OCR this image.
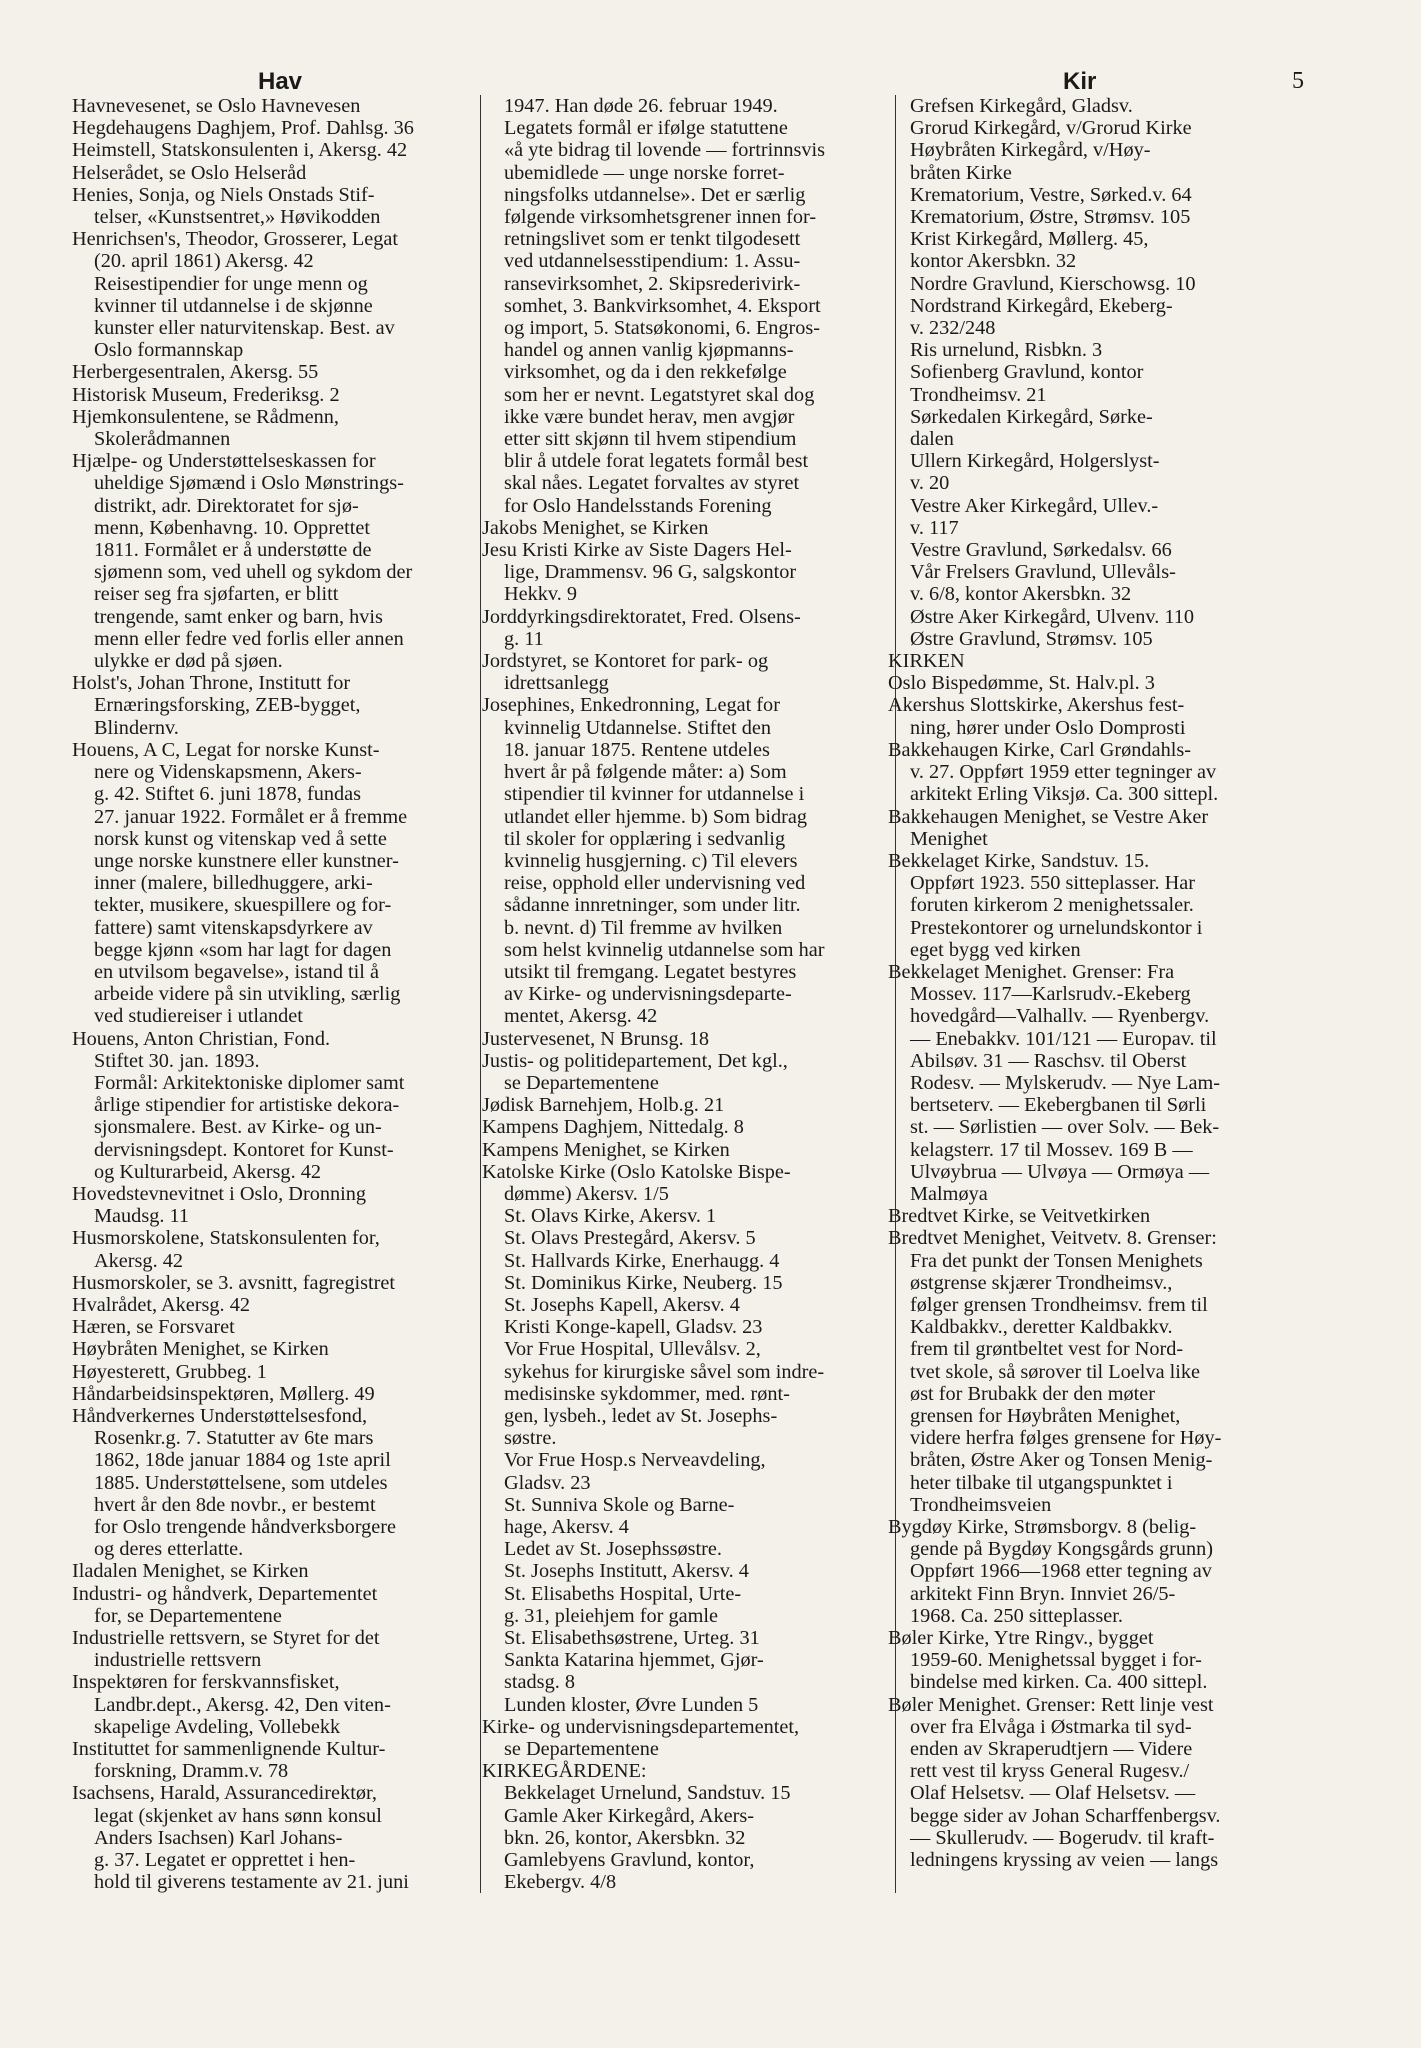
Hav	Kir	5
Havnevesenet, se Oslo Havnevesen
Hegdehaugens Daghjem, Prof. Dahlsg. 36
Heimstell, Statskonsulenten i, Akersg. 42
Helserådet, se Oslo Helseråd
Henies, Sonja, og Niels Onstads Stif-
telser, «Kunstsentret,» Høvikodden
Henrichsen's, Theodor, Grosserer, Legat
(20. april 1861) Akersg. 42
Reisestipendier for unge menn og
kvinner til utdannelse i de skjønne
kunster eller naturvitenskap. Best. av
Oslo formannskap
Herbergesentralen, Akersg. 55
Historisk Museum, Frederiksg. 2
Hjemkonsulentene, se Rådmenn,
Skolerådmannen
Hjælpe- og Understøttelseskassen for
uheldige Sjømænd i Oslo Mønstrings-
distrikt, adr. Direktoratet for sjø-
menn, Københavng. 10. Opprettet
1811. Formålet er å understøtte de
sjømenn som, ved uhell og sykdom der
reiser seg fra sjøfarten, er blitt
trengende, samt enker og barn, hvis
menn eller fedre ved forlis eller annen
ulykke er død på sjøen.
Holst's, Johan Throne, Institutt for
Ernæringsforsking, ZEB-bygget,
Blindernv.
Houens, A C, Legat for norske Kunst-
nere og Videnskapsmenn, Akers-
g. 42. Stiftet 6. juni 1878, fundas
27. januar 1922. Formålet er å fremme
norsk kunst og vitenskap ved å sette
unge norske kunstnere eller kunstner-
inner (malere, billedhuggere, arki-
tekter, musikere, skuespillere og for-
fattere) samt vitenskapsdyrkere av
begge kjønn «som har lagt for dagen
en utvilsom begavelse», istand til å
arbeide videre på sin utvikling, særlig
ved studiereiser i utlandet
Houens, Anton Christian, Fond.
Stiftet 30. jan. 1893.
Formål: Arkitektoniske diplomer samt
årlige stipendier for artistiske dekora-
sjonsmalere. Best. av Kirke- og un-
dervisningsdept. Kontoret for Kunst-
og Kulturarbeid, Akersg. 42
Hovedstevnevitnet i Oslo, Dronning
Maudsg. 11
Husmorskolene, Statskonsulenten for,
Akersg. 42
Husmorskoler, se 3. avsnitt, fagregistret
Hvalrådet, Akersg. 42
Hæren, se Forsvaret
Høybråten Menighet, se Kirken
Høyesterett, Grubbeg. 1
Håndarbeidsinspektøren, Møllerg. 49
Håndverkernes Understøttelsesfond,
Rosenkr.g. 7. Statutter av 6te mars
1862, 18de januar 1884 og 1ste april
1885. Understøttelsene, som utdeles
hvert år den 8de novbr., er bestemt
for Oslo trengende håndverksborgere
og deres etterlatte.
Iladalen Menighet, se Kirken
Industri- og håndverk, Departementet
for, se Departementene
Industrielle rettsvern, se Styret for det
industrielle rettsvern
Inspektøren for ferskvannsfisket,
Landbr.dept., Akersg. 42, Den viten-
skapelige Avdeling, Vollebekk
Instituttet for sammenlignende Kultur-
forskning, Dramm.v. 78
Isachsens, Harald, Assurancedirektør,
legat (skjenket av hans sønn konsul
Anders Isachsen) Karl Johans-
g. 37. Legatet er opprettet i hen-
hold til giverens testamente av 21. juni
1947. Han døde 26. februar 1949.
Legatets formål er ifølge statuttene
«å yte bidrag til lovende — fortrinnsvis
ubemidlede — unge norske forret-
ningsfolks utdannelse». Det er særlig
følgende virksomhetsgrener innen for-
retningslivet som er tenkt tilgodesett
ved utdannelsesstipendium: 1. Assu-
ransevirksomhet, 2. Skipsrederivirk-
somhet, 3. Bankvirksomhet, 4. Eksport
og import, 5. Statsøkonomi, 6. Engros-
handel og annen vanlig kjøpmanns-
virksomhet, og da i den rekkefølge
som her er nevnt. Legatstyret skal dog
ikke være bundet herav, men avgjør
etter sitt skjønn til hvem stipendium
blir å utdele forat legatets formål best
skal nåes. Legatet forvaltes av styret
for Oslo Handelsstands Forening
Jakobs Menighet, se Kirken
Jesu Kristi Kirke av Siste Dagers Hel-
lige, Drammensv. 96 G, salgskontor
Hekkv. 9
Jorddyrkingsdirektoratet, Fred. Olsens-
g. 11
Jordstyret, se Kontoret for park- og
idrettsanlegg
Josephines, Enkedronning, Legat for
kvinnelig Utdannelse. Stiftet den
18. januar 1875. Rentene utdeles
hvert år på følgende måter: a) Som
stipendier til kvinner for utdannelse i
utlandet eller hjemme. b) Som bidrag
til skoler for opplæring i sedvanlig
kvinnelig husgjerning. c) Til elevers
reise, opphold eller undervisning ved
sådanne innretninger, som under litr.
b. nevnt. d) Til fremme av hvilken
som helst kvinnelig utdannelse som har
utsikt til fremgang. Legatet bestyres
av Kirke- og undervisningsdeparte-
mentet, Akersg. 42
Justervesenet, N Brunsg. 18
Justis- og politidepartement, Det kgl.,
se Departementene
Jødisk Barnehjem, Holb.g. 21
Kampens Daghjem, Nittedalg. 8
Kampens Menighet, se Kirken
Katolske Kirke (Oslo Katolske Bispe-
dømme) Akersv. 1/5
St. Olavs Kirke, Akersv. 1
St. Olavs Prestegård, Akersv. 5
St. Hallvards Kirke, Enerhaugg. 4
St. Dominikus Kirke, Neuberg. 15
St. Josephs Kapell, Akersv. 4
Kristi Konge-kapell, Gladsv. 23
Vor Frue Hospital, Ullevålsv. 2,
sykehus for kirurgiske såvel som indre-
medisinske sykdommer, med. rønt-
gen, lysbeh., ledet av St. Josephs-
søstre.
Vor Frue Hosp.s Nerveavdeling,
Gladsv. 23
St. Sunniva Skole og Barne-
hage, Akersv. 4
Ledet av St. Josephssøstre.
St. Josephs Institutt, Akersv. 4
St. Elisabeths Hospital, Urte-
g. 31, pleiehjem for gamle
St. Elisabethsøstrene, Urteg. 31
Sankta Katarina hjemmet, Gjør-
stadsg. 8
Lunden kloster, Øvre Lunden 5
Kirke- og undervisningsdepartementet,
se Departementene
KIRKEGÅRDENE:
Bekkelaget Urnelund, Sandstuv. 15
Gamle Aker Kirkegård, Akers-
bkn. 26, kontor, Akersbkn. 32
Gamlebyens Gravlund, kontor,
Ekebergv. 4/8
Grefsen Kirkegård, Gladsv.
Grorud Kirkegård, v/Grorud Kirke
Høybråten Kirkegård, v/Høy-
bråten Kirke
Krematorium, Vestre, Sørked.v. 64
Krematorium, Østre, Strømsv. 105
Krist Kirkegård, Møllerg. 45,
kontor Akersbkn. 32
Nordre Gravlund, Kierschowsg. 10
Nordstrand Kirkegård, Ekeberg-
v. 232/248
Ris urnelund, Risbkn. 3
Sofienberg Gravlund, kontor
Trondheimsv. 21
Sørkedalen Kirkegård, Sørke-
dalen
Ullern Kirkegård, Holgerslyst-
v. 20
Vestre Aker Kirkegård, Ullev.-
v. 117
Vestre Gravlund, Sørkedalsv. 66
Vår Frelsers Gravlund, Ullevåls-
v. 6/8, kontor Akersbkn. 32
Østre Aker Kirkegård, Ulvenv. 110
Østre Gravlund, Strømsv. 105
KIRKEN
Oslo Bispedømme, St. Halv.pl. 3
Akershus Slottskirke, Akershus fest-
ning, hører under Oslo Domprosti
Bakkehaugen Kirke, Carl Grøndahls-
v. 27. Oppført 1959 etter tegninger av
arkitekt Erling Viksjø. Ca. 300 sittepl.
Bakkehaugen Menighet, se Vestre Aker
Menighet
Bekkelaget Kirke, Sandstuv. 15.
Oppført 1923. 550 sitteplasser. Har
foruten kirkerom 2 menighetssaler.
Prestekontorer og urnelundskontor i
eget bygg ved kirken
Bekkelaget Menighet. Grenser: Fra
Mossev. 117—Karlsrudv.-Ekeberg
hovedgård—Valhallv. — Ryenbergv.
— Enebakkv. 101/121 — Europav. til
Abilsøv. 31 — Raschsv. til Oberst
Rodesv. — Mylskerudv. — Nye Lam-
bertseterv. — Ekebergbanen til Sørli
st. — Sørlistien — over Solv. — Bek-
kelagsterr. 17 til Mossev. 169 B —
Ulvøybrua — Ulvøya — Ormøya —
Malmøya
Bredtvet Kirke, se Veitvetkirken
Bredtvet Menighet, Veitvetv. 8. Grenser:
Fra det punkt der Tonsen Menighets
østgrense skjærer Trondheimsv.,
følger grensen Trondheimsv. frem til
Kaldbakkv., deretter Kaldbakkv.
frem til grøntbeltet vest for Nord-
tvet skole, så sørover til Loelva like
øst for Brubakk der den møter
grensen for Høybråten Menighet,
videre herfra følges grensene for Høy-
bråten, Østre Aker og Tonsen Menig-
heter tilbake til utgangspunktet i
Trondheimsveien
Bygdøy Kirke, Strømsborgv. 8 (belig-
gende på Bygdøy Kongsgårds grunn)
Oppført 1966—1968 etter tegning av
arkitekt Finn Bryn. Innviet 26/5-
1968. Ca. 250 sitteplasser.
Bøler Kirke, Ytre Ringv., bygget
1959-60. Menighetssal bygget i for-
bindelse med kirken. Ca. 400 sittepl.
Bøler Menighet. Grenser: Rett linje vest
over fra Elvåga i Østmarka til syd-
enden av Skraperudtjern — Videre
rett vest til kryss General Rugesv./
Olaf Helsetsv. — Olaf Helsetsv. —
begge sider av Johan Scharffenbergsv.
— Skullerudv. — Bogerudv. til kraft-
ledningens kryssing av veien — langs
